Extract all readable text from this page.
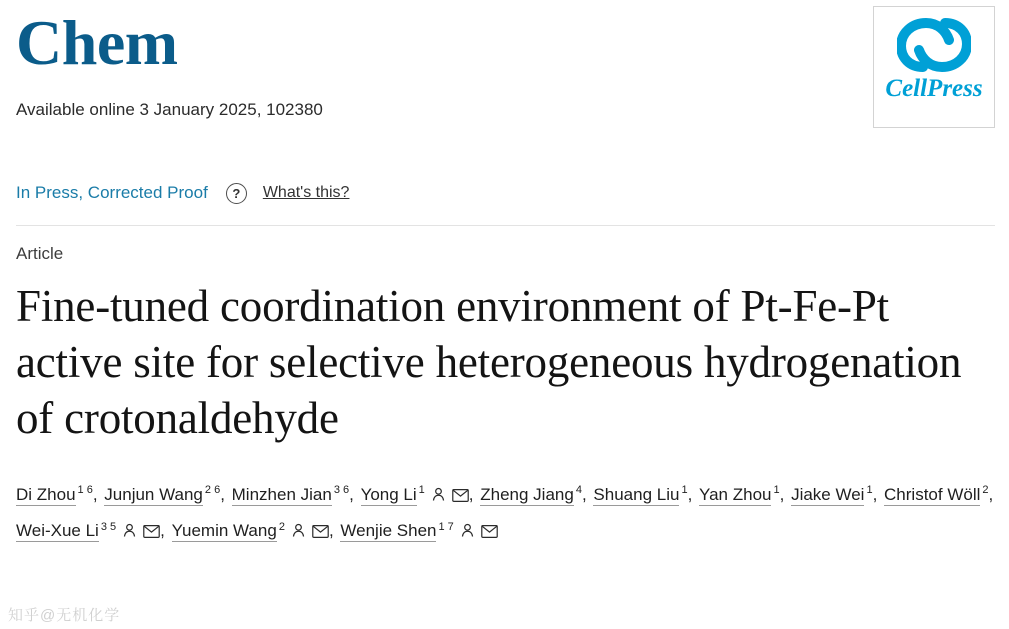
Chem
Available online 3 January 2025, 102380
CellPress
In Press, Corrected Proof	?	What's this?
Article
Fine-tuned coordination environment of Pt-Fe-Pt active site for selective heterogeneous hydrogenation of crotonaldehyde
Di Zhou $^{1 6}$, Junjun Wang $^{2 6}$, Minzhen Jian $^{3 6}$, Yong Li $^1$	, Zheng Jiang $^4$, Shuang Liu $^1$, Yan Zhou $^1$, Jiake Wei $^1$, Christof Wöll $^2$, Wei-Xue Li $^{3 5}$	, Yuemin Wang $^2$	, Wenjie Shen $^{1 7}$
知乎@无机化学
